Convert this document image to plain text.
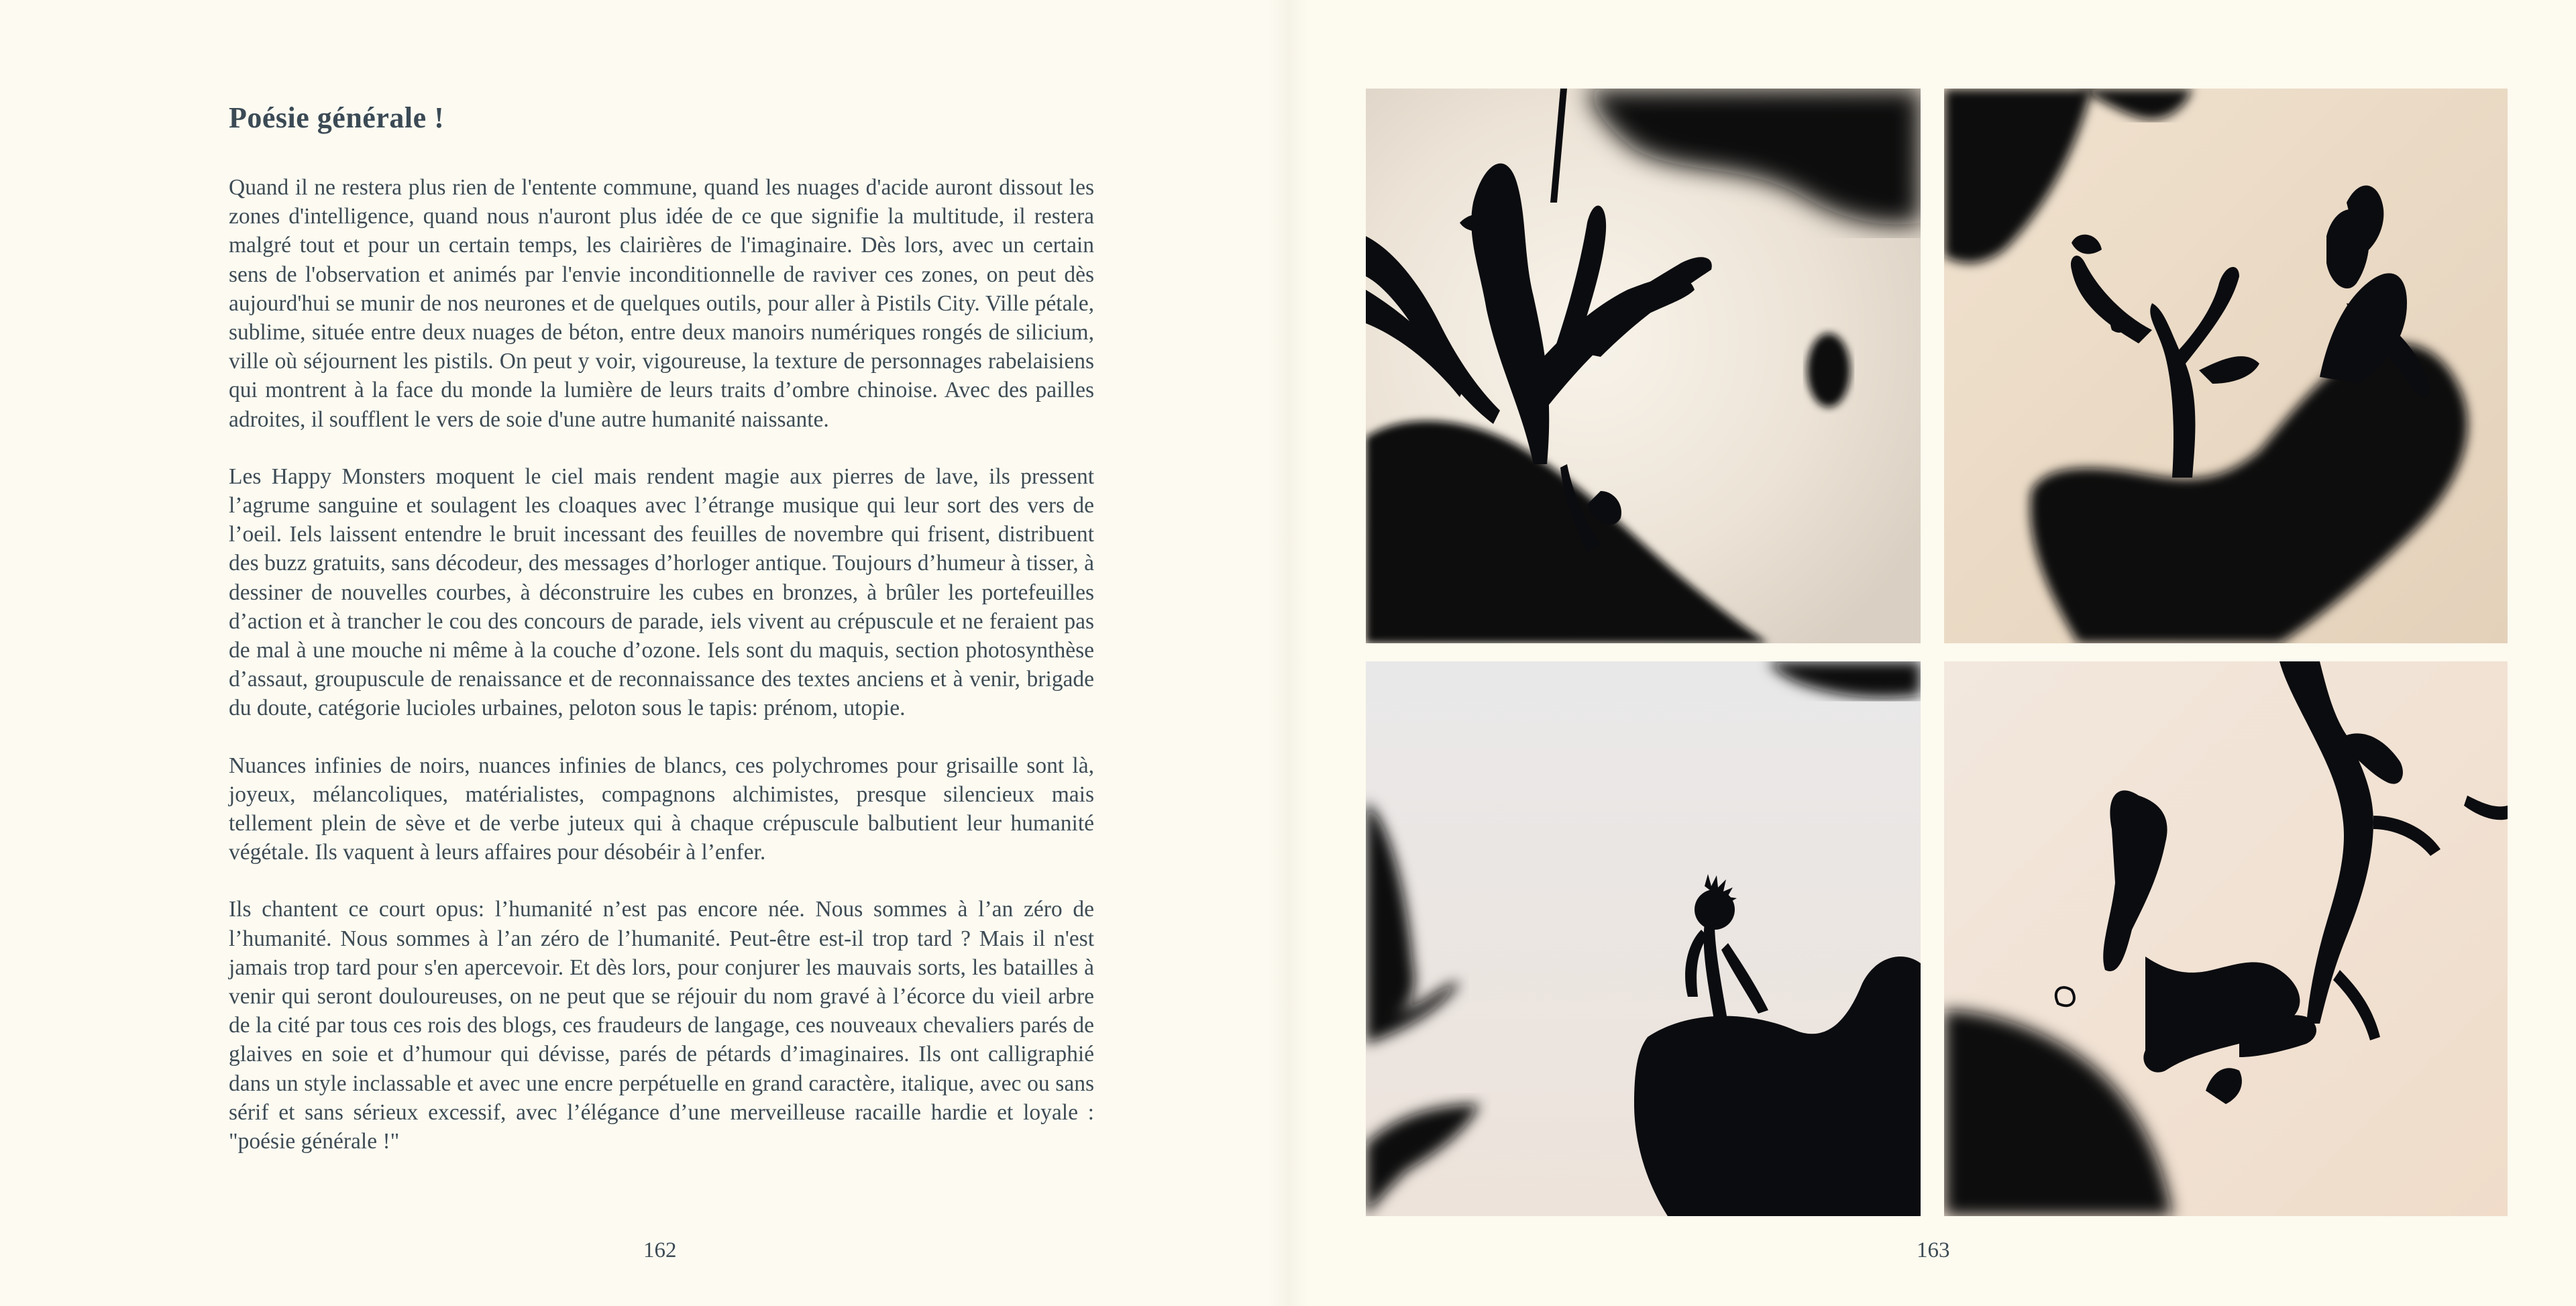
Poésie générale !

Quand il ne restera plus rien de l'entente commune, quand les nuages d'acide auront dissout les zones d'intelligence, quand nous n'auront plus idée de ce que signifie la multitude, il restera malgré tout et pour un certain temps, les clairières de l'imaginaire. Dès lors, avec un certain sens de l'observation et animés par l'envie inconditionnelle de raviver ces zones, on peut dès aujourd'hui se munir de nos neurones et de quelques outils, pour aller à Pistils City. Ville pétale, sublime, située entre deux nuages de béton, entre deux manoirs numériques rongés de silicium, ville où séjournent les pistils. On peut y voir, vigoureuse, la texture de personnages rabelaisiens qui montrent à la face du monde la lumière de leurs traits d’ombre chinoise. Avec des pailles adroites, il soufflent le vers de soie d'une autre humanité naissante.

Les Happy Monsters moquent le ciel mais rendent magie aux pierres de lave, ils pressent l’agrume sanguine et soulagent les cloaques avec l’étrange musique qui leur sort des vers de l’oeil. Iels laissent entendre le bruit incessant des feuilles de novembre qui frisent, distribuent des buzz gratuits, sans décodeur, des messages d’horloger antique. Toujours d’humeur à tisser, à dessiner de nouvelles courbes, à déconstruire les cubes en bronzes, à brûler les portefeuilles d’action et à trancher le cou des concours de parade, iels vivent au crépuscule et ne feraient pas de mal à une mouche ni même à la couche d’ozone. Iels sont du maquis, section photosynthèse d’assaut, groupuscule de renaissance et de reconnaissance des textes anciens et à venir, brigade du doute, catégorie lucioles urbaines, peloton sous le tapis: prénom, utopie.

Nuances infinies de noirs, nuances infinies de blancs, ces polychromes pour grisaille sont là, joyeux, mélancoliques, matérialistes, compagnons alchimistes, presque silencieux mais tellement plein de sève et de verbe juteux qui à chaque crépuscule balbutient leur humanité végétale. Ils vaquent à leurs affaires pour désobéir à l’enfer.

Ils chantent ce court opus: l’humanité n’est pas encore née. Nous sommes à l’an zéro de l’humanité. Nous sommes à l’an zéro de l’humanité. Peut-être est-il trop tard ? Mais il n'est jamais trop tard pour s'en apercevoir. Et dès lors, pour conjurer les mauvais sorts, les batailles à venir qui seront douloureuses, on ne peut que se réjouir du nom gravé à l’écorce du vieil arbre de la cité par tous ces rois des blogs, ces fraudeurs de langage, ces nouveaux chevaliers parés de glaives en soie et d’humour qui dévisse, parés de pétards d’imaginaires. Ils ont calligraphié dans un style inclassable et avec une encre perpétuelle en grand caractère, italique, avec ou sans sérif et sans sérieux excessif, avec l’élégance d’une merveilleuse racaille hardie et loyale : "poésie générale !"

162	163
